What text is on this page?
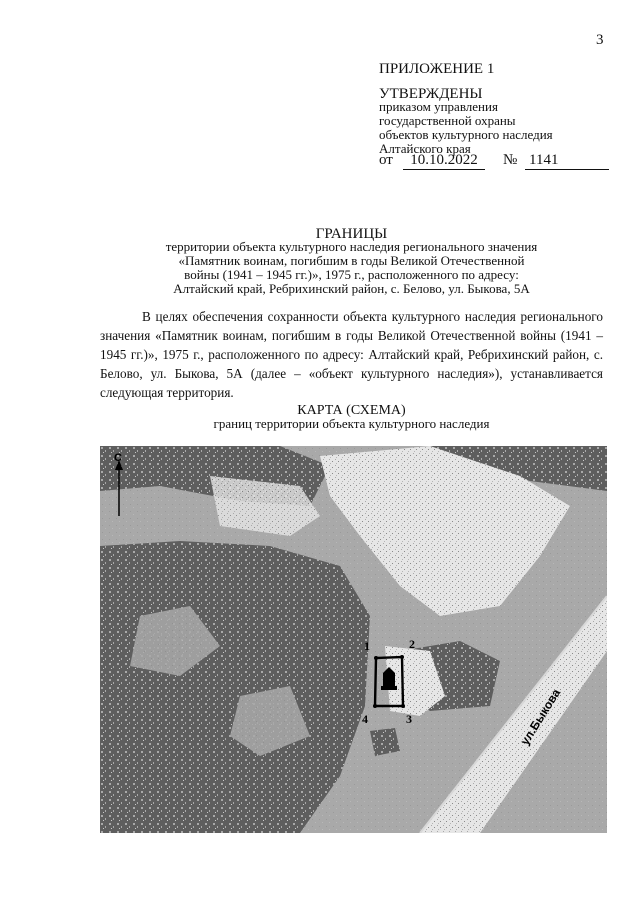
3
ПРИЛОЖЕНИЕ 1
УТВЕРЖДЕНЫ
приказом управления
государственной охраны
объектов культурного наследия
Алтайского края
от	10.10.2022	№ 1141
ГРАНИЦЫ
территории объекта культурного наследия регионального значения
«Памятник воинам, погибшим в годы Великой Отечественной
войны (1941 – 1945 гг.)», 1975 г., расположенного по адресу:
Алтайский край, Ребрихинский район, с. Белово, ул. Быкова, 5А
В целях обеспечения сохранности объекта культурного наследия регионального значения «Памятник воинам, погибшим в годы Великой Отечественной войны (1941 – 1945 гг.)», 1975 г., расположенного по адресу: Алтайский край, Ребрихинский район, с. Белово, ул. Быкова, 5А (далее – «объект культурного наследия»), устанавливается следующая территория.
КАРТА (СХЕМА)
границ территории объекта культурного наследия
1	2
3
4
С
ул.Быкова
